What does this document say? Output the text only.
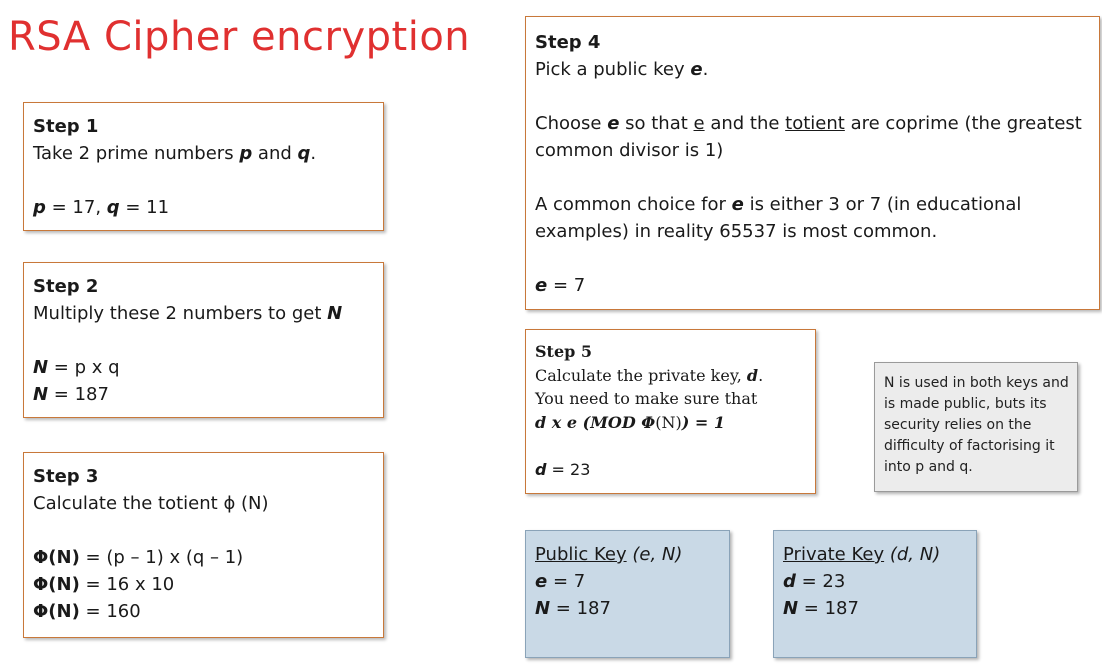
RSA Cipher encryption
Step 1
Take 2 prime numbers p and q.
p = 17, q = 11
Step 2
Multiply these 2 numbers to get N
N = p x q
N = 187
Step 3
Calculate the totient ϕ (N)
Φ(N) = (p – 1) x (q – 1)
Φ(N) = 16 x 10
Φ(N) = 160
Step 4
Pick a public key e.
Choose e so that e and the totient are coprime (the greatest common divisor is 1)
A common choice for e is either 3 or 7 (in educational examples) in reality 65537 is most common.
e = 7
Step 5
Calculate the private key, d.
You need to make sure that
d x e (MOD Φ(N)) = 1
d = 23
N is used in both keys and is made public, buts its security relies on the difficulty of factorising it into p and q.
Public Key (e, N)
e = 7
N = 187
Private Key (d, N)
d = 23
N = 187
